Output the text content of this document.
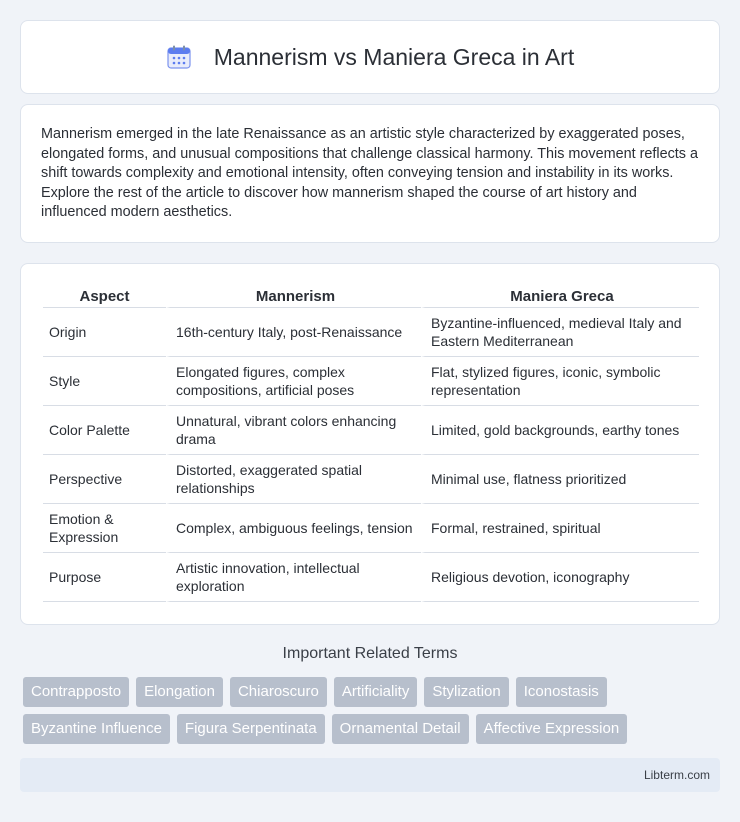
Mannerism vs Maniera Greca in Art

Mannerism emerged in the late Renaissance as an artistic style characterized by exaggerated poses, elongated forms, and unusual compositions that challenge classical harmony. This movement reflects a shift towards complexity and emotional intensity, often conveying tension and instability in its works. Explore the rest of the article to discover how mannerism shaped the course of art history and influenced modern aesthetics.

Aspect	Mannerism	Maniera Greca
Origin	16th-century Italy, post-Renaissance	Byzantine-influenced, medieval Italy and Eastern Mediterranean
Style	Elongated figures, complex compositions, artificial poses	Flat, stylized figures, iconic, symbolic representation
Color Palette	Unnatural, vibrant colors enhancing drama	Limited, gold backgrounds, earthy tones
Perspective	Distorted, exaggerated spatial relationships	Minimal use, flatness prioritized
Emotion & Expression	Complex, ambiguous feelings, tension	Formal, restrained, spiritual
Purpose	Artistic innovation, intellectual exploration	Religious devotion, iconography
Important Related Terms
Contrapposto	Elongation	Chiaroscuro	Artificiality	Stylization	Iconostasis
Byzantine Influence	Figura Serpentinata	Ornamental Detail	Affective Expression
Libterm.com
